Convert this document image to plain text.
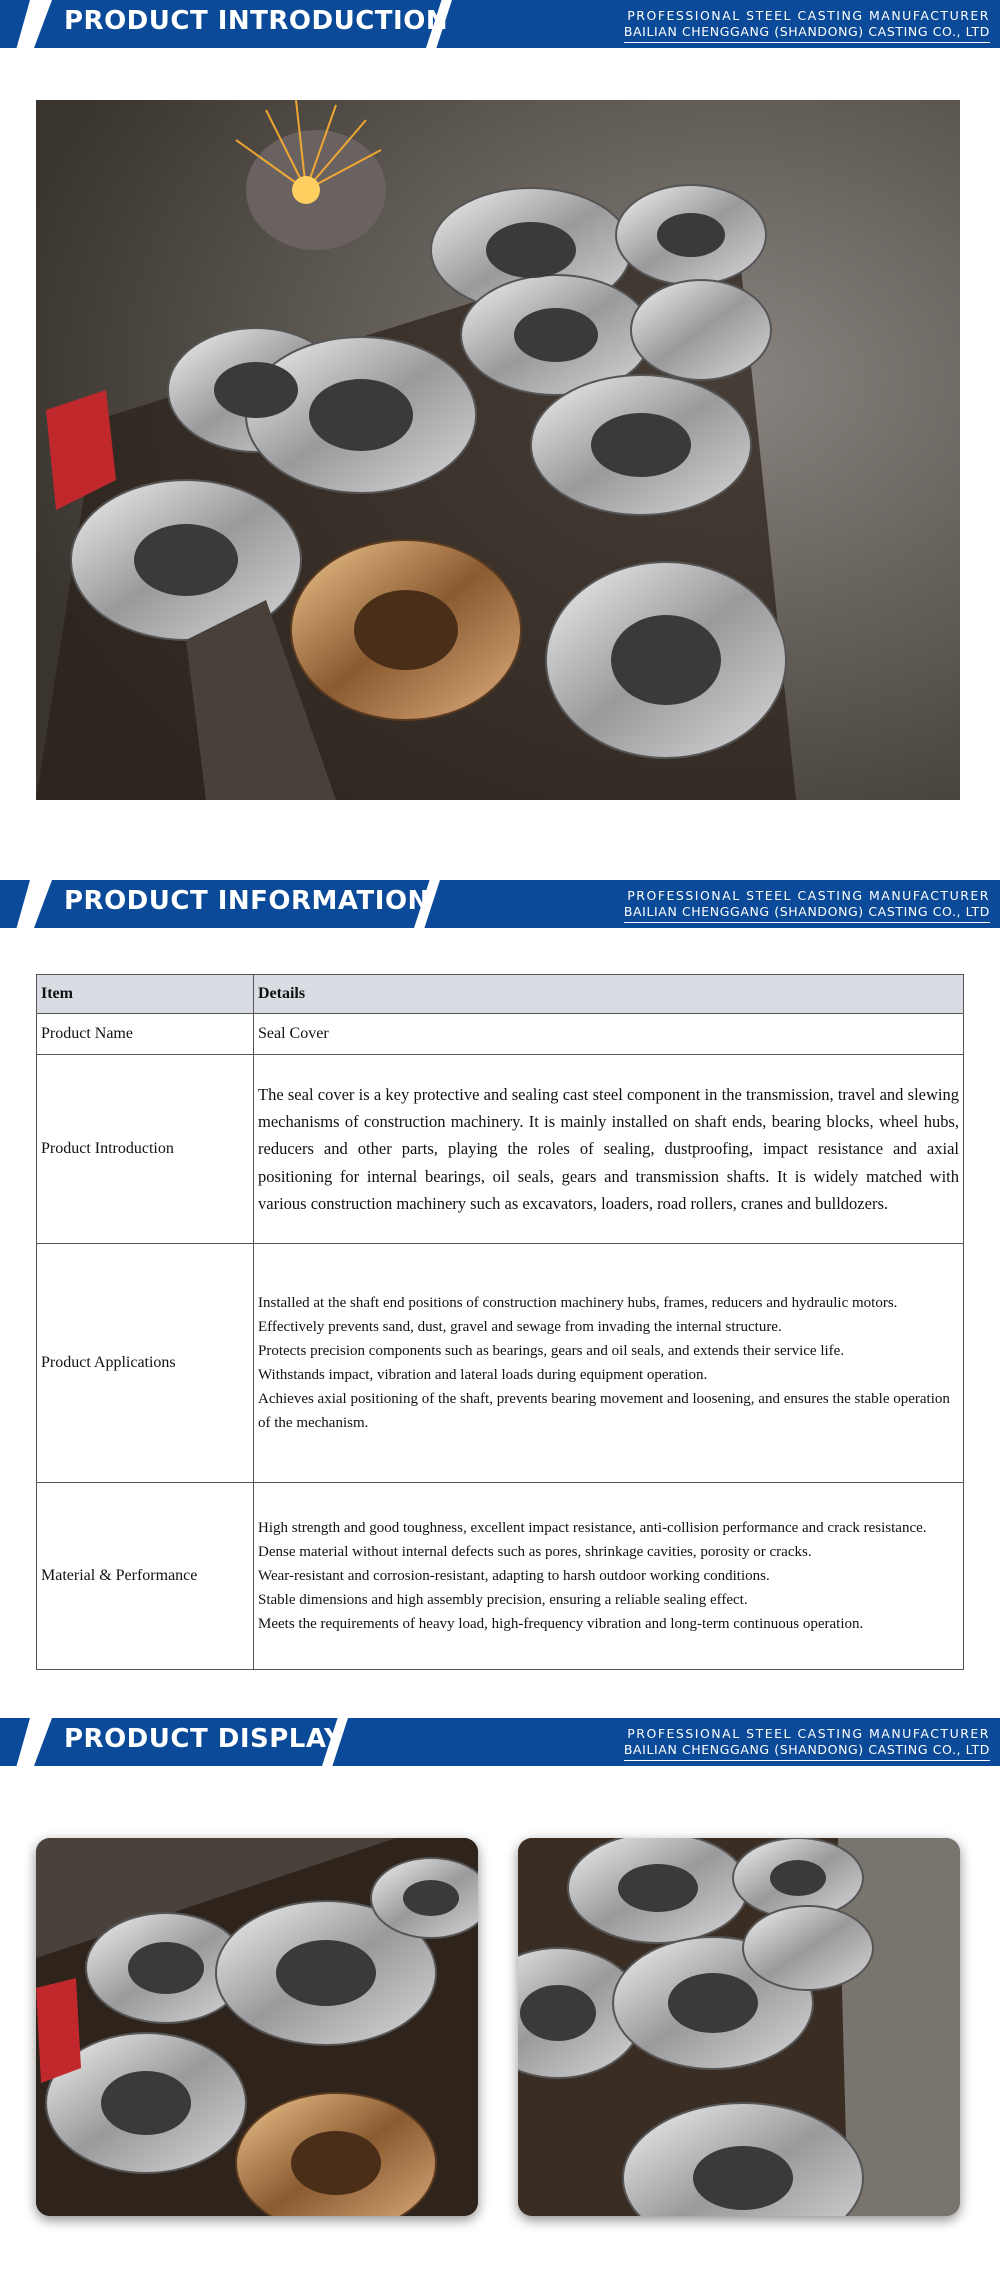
PRODUCT INTRODUCTION	PROFESSIONAL STEEL CASTING MANUFACTURER
BAILIAN CHENGGANG (SHANDONG) CASTING CO., LTD
PRODUCT INFORMATION	PROFESSIONAL STEEL CASTING MANUFACTURER
BAILIAN CHENGGANG (SHANDONG) CASTING CO., LTD
Item	Details
Product Name	Seal Cover

Product Introduction	The seal cover is a key protective and sealing cast steel component in the transmission, travel and slewing mechanisms of construction machinery. It is mainly installed on shaft ends, bearing blocks, wheel hubs, reducers and other parts, playing the roles of sealing, dustproofing, impact resistance and axial positioning for internal bearings, oil seals, gears and transmission shafts. It is widely matched with various construction machinery such as excavators, loaders, road rollers, cranes and bulldozers.

Product Applications	Installed at the shaft end positions of construction machinery hubs, frames, reducers and hydraulic motors.
Effectively prevents sand, dust, gravel and sewage from invading the internal structure.
Protects precision components such as bearings, gears and oil seals, and extends their service life.
Withstands impact, vibration and lateral loads during equipment operation.
Achieves axial positioning of the shaft, prevents bearing movement and loosening, and ensures the stable operation of the mechanism.

Material & Performance	High strength and good toughness, excellent impact resistance, anti-collision performance and crack resistance.
Dense material without internal defects such as pores, shrinkage cavities, porosity or cracks.
Wear-resistant and corrosion-resistant, adapting to harsh outdoor working conditions.
Stable dimensions and high assembly precision, ensuring a reliable sealing effect.
Meets the requirements of heavy load, high-frequency vibration and long-term continuous operation.
PRODUCT DISPLAY	PROFESSIONAL STEEL CASTING MANUFACTURER
BAILIAN CHENGGANG (SHANDONG) CASTING CO., LTD
